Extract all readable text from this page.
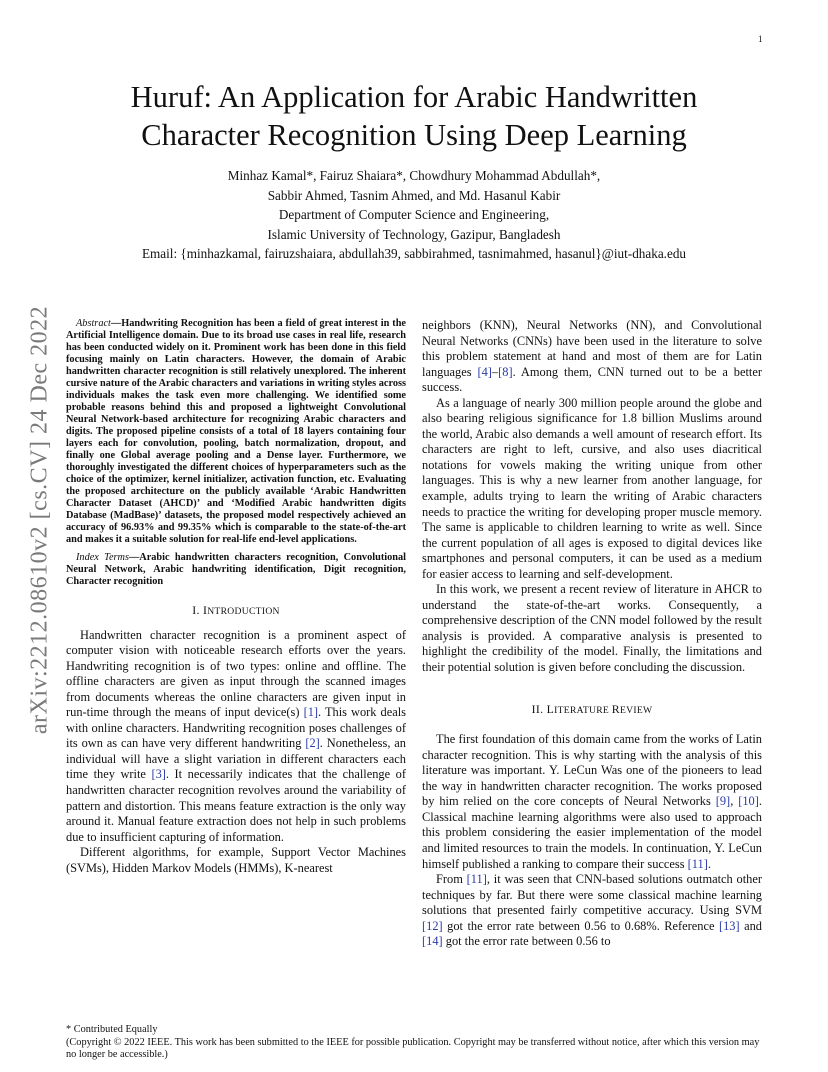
1
arXiv:2212.08610v2 [cs.CV] 24 Dec 2022
Huruf: An Application for Arabic Handwritten
Character Recognition Using Deep Learning
Minhaz Kamal*, Fairuz Shaiara*, Chowdhury Mohammad Abdullah*,
Sabbir Ahmed, Tasnim Ahmed, and Md. Hasanul Kabir
Department of Computer Science and Engineering,
Islamic University of Technology, Gazipur, Bangladesh
Email: {minhazkamal, fairuzshaiara, abdullah39, sabbirahmed, tasnimahmed, hasanul}@iut-dhaka.edu

Abstract—Handwriting Recognition has been a field of great interest in the Artificial Intelligence domain. Due to its broad use cases in real life, research has been conducted widely on it. Prominent work has been done in this field focusing mainly on Latin characters. However, the domain of Arabic handwritten character recognition is still relatively unexplored. The inherent cursive nature of the Arabic characters and variations in writing styles across individuals makes the task even more challenging. We identified some probable reasons behind this and proposed a lightweight Convolutional Neural Network-based architecture for recognizing Arabic characters and digits. The proposed pipeline consists of a total of 18 layers containing four layers each for convolution, pooling, batch normalization, dropout, and finally one Global average pooling and a Dense layer. Furthermore, we thoroughly investigated the different choices of hyperparameters such as the choice of the optimizer, kernel initializer, activation function, etc. Evaluating the proposed architecture on the publicly available ‘Arabic Handwritten Character Dataset (AHCD)’ and ‘Modified Arabic handwritten digits Database (MadBase)’ datasets, the proposed model respectively achieved an accuracy of 96.93% and 99.35% which is comparable to the state-of-the-art and makes it a suitable solution for real-life end-level applications.

Index Terms—Arabic handwritten characters recognition, Convolutional Neural Network, Arabic handwriting identification, Digit recognition, Character recognition

I. INTRODUCTION

Handwritten character recognition is a prominent aspect of computer vision with noticeable research efforts over the years. Handwriting recognition is of two types: online and offline. The offline characters are given as input through the scanned images from documents whereas the online characters are given input in run-time through the means of input device(s) [1]. This work deals with online characters. Handwriting recognition poses challenges of its own as can have very different handwriting [2]. Nonetheless, an individual will have a slight variation in different characters each time they write [3]. It necessarily indicates that the challenge of handwritten character recognition revolves around the variability of pattern and distortion. This means feature extraction is the only way around it. Manual feature extraction does not help in such problems due to insufficient capturing of information.

Different algorithms, for example, Support Vector Machines (SVMs), Hidden Markov Models (HMMs), K-nearest

neighbors (KNN), Neural Networks (NN), and Convolutional Neural Networks (CNNs) have been used in the literature to solve this problem statement at hand and most of them are for Latin languages [4]–[8]. Among them, CNN turned out to be a better success.

As a language of nearly 300 million people around the globe and also bearing religious significance for 1.8 billion Muslims around the world, Arabic also demands a well amount of research effort. Its characters are right to left, cursive, and also uses diacritical notations for vowels making the writing unique from other languages. This is why a new learner from another language, for example, adults trying to learn the writing of Arabic characters needs to practice the writing for developing proper muscle memory. The same is applicable to children learning to write as well. Since the current population of all ages is exposed to digital devices like smartphones and personal computers, it can be used as a medium for easier access to learning and self-development.

In this work, we present a recent review of literature in AHCR to understand the state-of-the-art works. Consequently, a comprehensive description of the CNN model followed by the result analysis is provided. A comparative analysis is presented to highlight the credibility of the model. Finally, the limitations and their potential solution is given before concluding the discussion.

II. LITERATURE REVIEW

The first foundation of this domain came from the works of Latin character recognition. This is why starting with the analysis of this literature was important. Y. LeCun Was one of the pioneers to lead the way in handwritten character recognition. The works proposed by him relied on the core concepts of Neural Networks [9], [10]. Classical machine learning algorithms were also used to approach this problem considering the easier implementation of the model and limited resources to train the models. In continuation, Y. LeCun himself published a ranking to compare their success [11].

From [11], it was seen that CNN-based solutions outmatch other techniques by far. But there were some classical machine learning solutions that presented fairly competitive accuracy. Using SVM [12] got the error rate between 0.56 to 0.68%. Reference [13] and [14] got the error rate between 0.56 to

* Contributed Equally
(Copyright © 2022 IEEE. This work has been submitted to the IEEE for possible publication. Copyright may be transferred without notice, after which this version may no longer be accessible.)
